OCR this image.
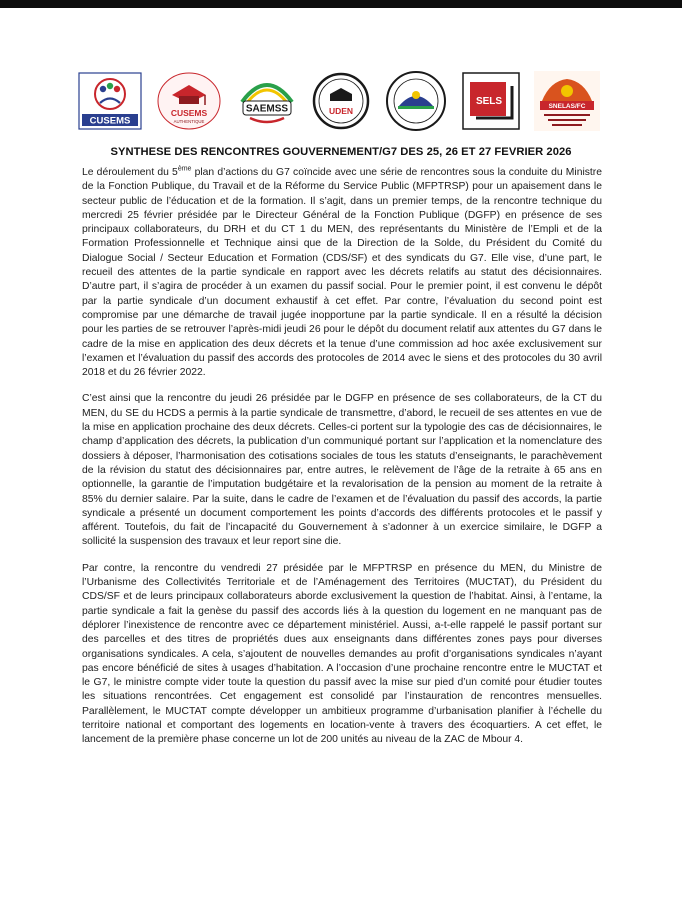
CUSEMS
CUSEMS
AUTHENTIQUE
SAEMSS	UDEN
SELS	SNELAS/FC
SYNTHESE DES RENCONTRES GOUVERNEMENT/G7 DES 25, 26 ET 27 FEVRIER 2026

Le déroulement du 5ème plan d’actions du G7 coïncide avec une série de rencontres sous la conduite du Ministre de la Fonction Publique, du Travail et de la Réforme du Service Public (MFPTRSP) pour un apaisement dans le secteur public de l’éducation et de la formation. Il s’agit, dans un premier temps, de la rencontre technique du mercredi 25 février présidée par le Directeur Général de la Fonction Publique (DGFP) en présence de ses principaux collaborateurs, du DRH et du CT 1 du MEN, des représentants du Ministère de l’Empli et de la Formation Professionnelle et Technique ainsi que de la Direction de la Solde, du Président du Comité du Dialogue Social / Secteur Education et Formation (CDS/SF) et des syndicats du G7. Elle vise, d’une part, le recueil des attentes de la partie syndicale en rapport avec les décrets relatifs au statut des décisionnaires. D’autre part, il s’agira de procéder à un examen du passif social. Pour le premier point, il est convenu le dépôt par la partie syndicale d’un document exhaustif à cet effet. Par contre, l’évaluation du second point est compromise par une démarche de travail jugée inopportune par la partie syndicale. Il en a résulté la décision pour les parties de se retrouver l’après-midi jeudi 26 pour le dépôt du document relatif aux attentes du G7 dans le cadre de la mise en application des deux décrets et la tenue d’une commission ad hoc axée exclusivement sur l’examen et l’évaluation du passif des accords des protocoles de 2014 avec le siens et des protocoles du 30 avril 2018 et du 26 février 2022.

C’est ainsi que la rencontre du jeudi 26 présidée par le DGFP en présence de ses collaborateurs, de la CT du MEN, du SE du HCDS a permis à la partie syndicale de transmettre, d’abord, le recueil de ses attentes en vue de la mise en application prochaine des deux décrets. Celles-ci portent sur la typologie des cas de décisionnaires, le champ d’application des décrets, la publication d’un communiqué portant sur l’application et la nomenclature des dossiers à déposer, l’harmonisation des cotisations sociales de tous les statuts d’enseignants, le parachèvement de la révision du statut des décisionnaires par, entre autres, le relèvement de l’âge de la retraite à 65 ans en optionnelle, la garantie de l’imputation budgétaire et la revalorisation de la pension au moment de la retraite à 85% du dernier salaire. Par la suite, dans le cadre de l’examen et de l’évaluation du passif des accords, la partie syndicale a présenté un document comportement les points d’accords des différents protocoles et le passif y afférent. Toutefois, du fait de l’incapacité du Gouvernement à s’adonner à un exercice similaire, le DGFP a sollicité la suspension des travaux et leur report sine die.

Par contre, la rencontre du vendredi 27 présidée par le MFPTRSP en présence du MEN, du Ministre de l’Urbanisme des Collectivités Territoriale et de l’Aménagement des Territoires (MUCTAT), du Président du CDS/SF et de leurs principaux collaborateurs aborde exclusivement la question de l’habitat. Ainsi, à l’entame, la partie syndicale a fait la genèse du passif des accords liés à la question du logement en ne manquant pas de déplorer l’inexistence de rencontre avec ce département ministériel. Aussi, a-t-elle rappelé le passif portant sur des parcelles et des titres de propriétés dues aux enseignants dans différentes zones pays pour diverses organisations syndicales. A cela, s’ajoutent de nouvelles demandes au profit d’organisations syndicales n’ayant pas encore bénéficié de sites à usages d’habitation. A l’occasion d’une prochaine rencontre entre le MUCTAT et le G7, le ministre compte vider toute la question du passif avec la mise sur pied d’un comité pour étudier toutes les situations rencontrées. Cet engagement est consolidé par l’instauration de rencontres mensuelles. Parallèlement, le MUCTAT compte développer un ambitieux programme d’urbanisation planifier à l’échelle du territoire national et comportant des logements en location-vente à travers des écoquartiers. A cet effet, le lancement de la première phase concerne un lot de 200 unités au niveau de la ZAC de Mbour 4.
